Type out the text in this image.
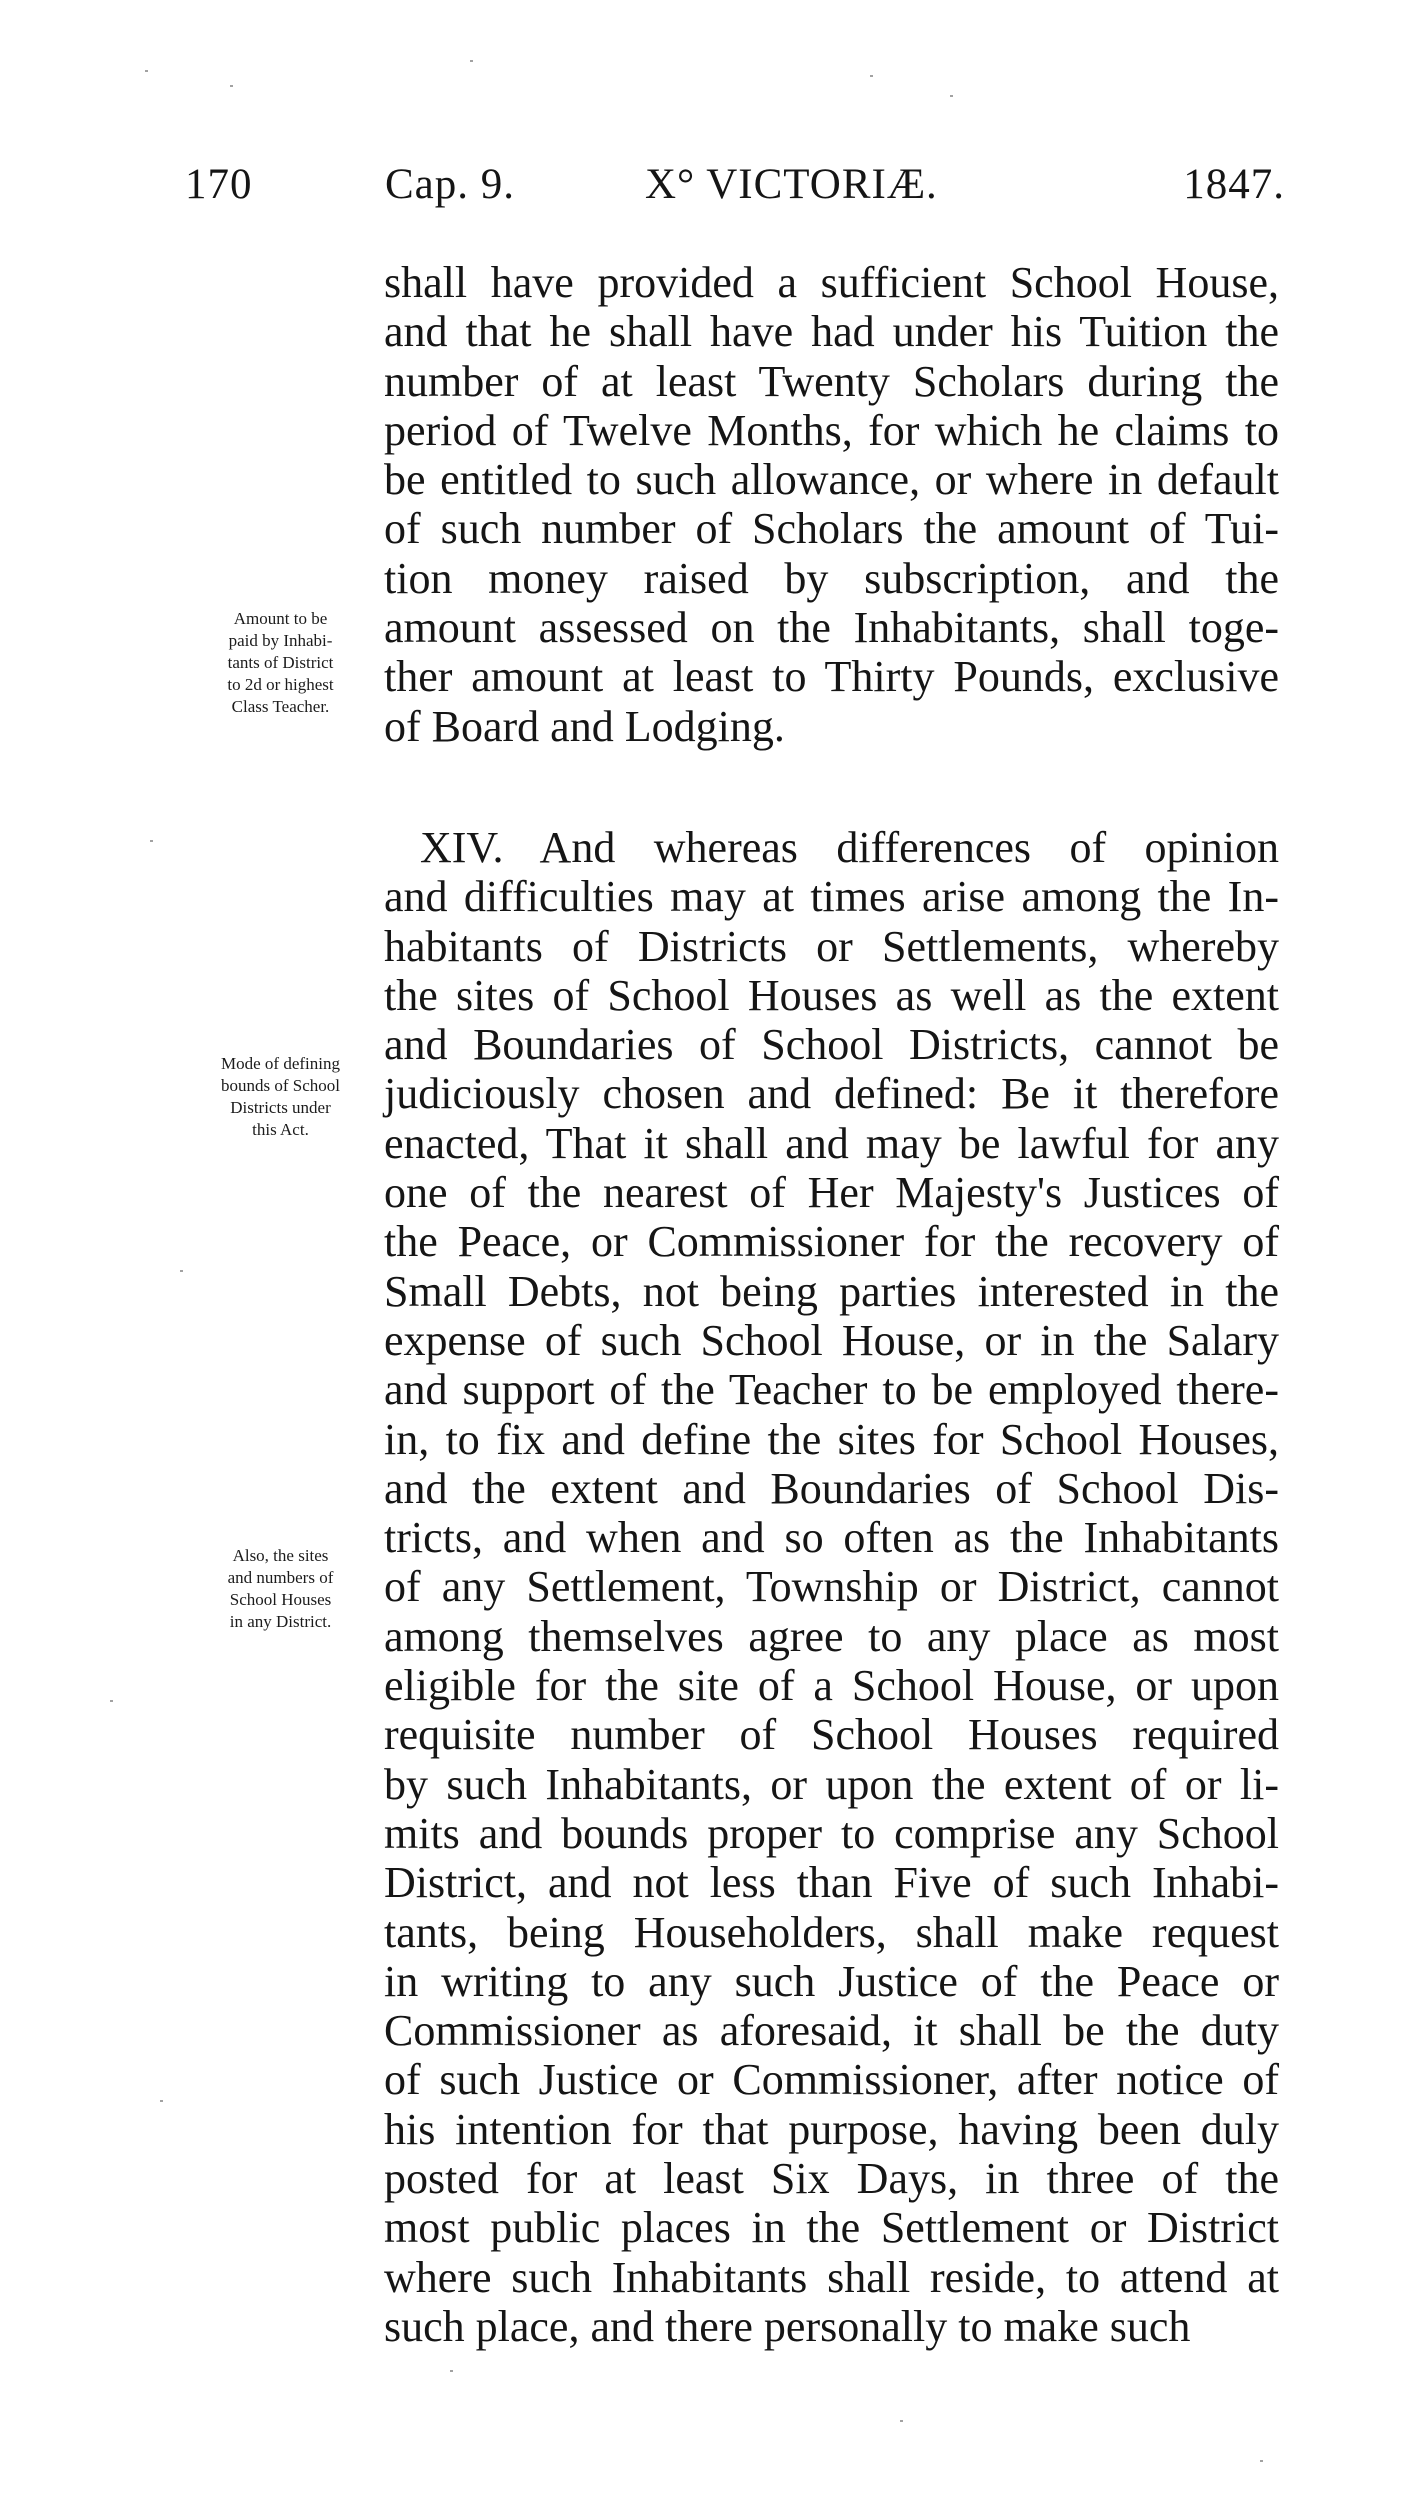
170	Cap. 9.	X° VICTORIÆ.	1847.
shall have provided a sufficient School House,
and that he shall have had under his Tuition the
number of at least Twenty Scholars during the
period of Twelve Months, for which he claims to
be entitled to such allowance, or where in default
of such number of Scholars the amount of Tui-
tion money raised by subscription, and the
amount assessed on the Inhabitants, shall toge-
ther amount at least to Thirty Pounds, exclusive
of Board and Lodging.
XIV. And whereas differences of opinion
and difficulties may at times arise among the In-
habitants of Districts or Settlements, whereby
the sites of School Houses as well as the extent
and Boundaries of School Districts, cannot be
judiciously chosen and defined: Be it therefore
enacted, That it shall and may be lawful for any
one of the nearest of Her Majesty's Justices of
the Peace, or Commissioner for the recovery of
Small Debts, not being parties interested in the
expense of such School House, or in the Salary
and support of the Teacher to be employed there-
in, to fix and define the sites for School Houses,
and the extent and Boundaries of School Dis-
tricts, and when and so often as the Inhabitants
of any Settlement, Township or District, cannot
among themselves agree to any place as most
eligible for the site of a School House, or upon
requisite number of School Houses required
by such Inhabitants, or upon the extent of or li-
mits and bounds proper to comprise any School
District, and not less than Five of such Inhabi-
tants, being Householders, shall make request
in writing to any such Justice of the Peace or
Commissioner as aforesaid, it shall be the duty
of such Justice or Commissioner, after notice of
his intention for that purpose, having been duly
posted for at least Six Days, in three of the
most public places in the Settlement or District
where such Inhabitants shall reside, to attend at
such place, and there personally to make such
Amount to be
paid by Inhabi-
tants of District
to 2d or highest
Class Teacher.
Mode of defining
bounds of School
Districts under
this Act.
Also, the sites
and numbers of
School Houses
in any District.
